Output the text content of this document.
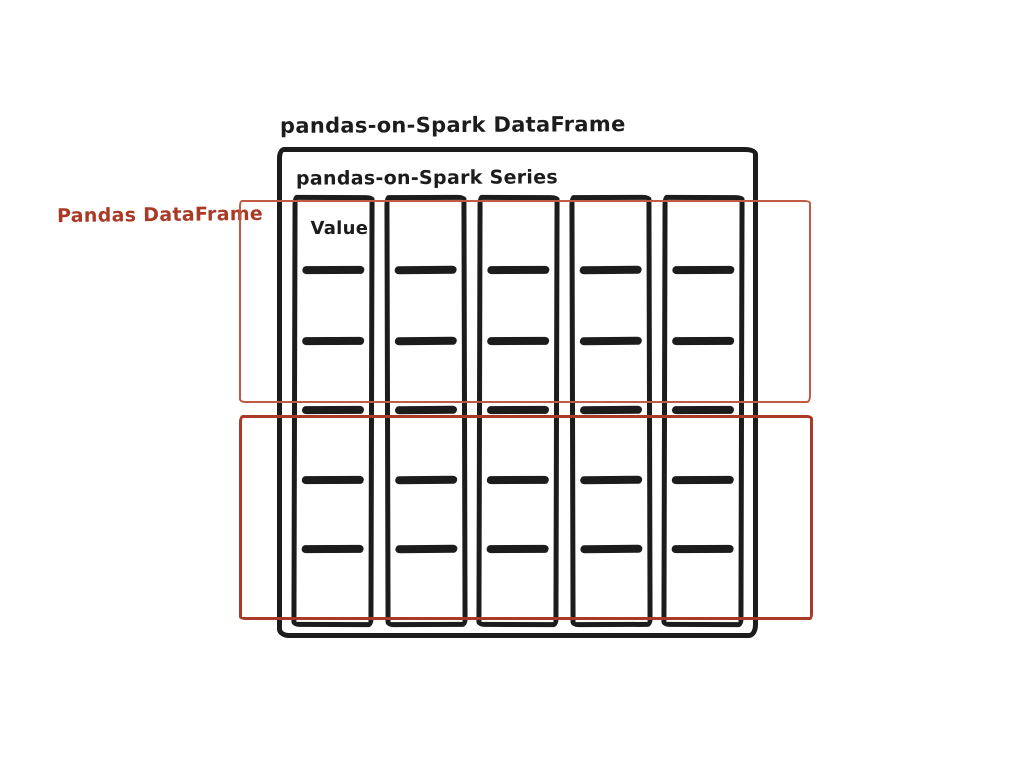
pandas-on-Spark DataFrame
pandas-on-Spark Series
Pandas DataFrame
Value
